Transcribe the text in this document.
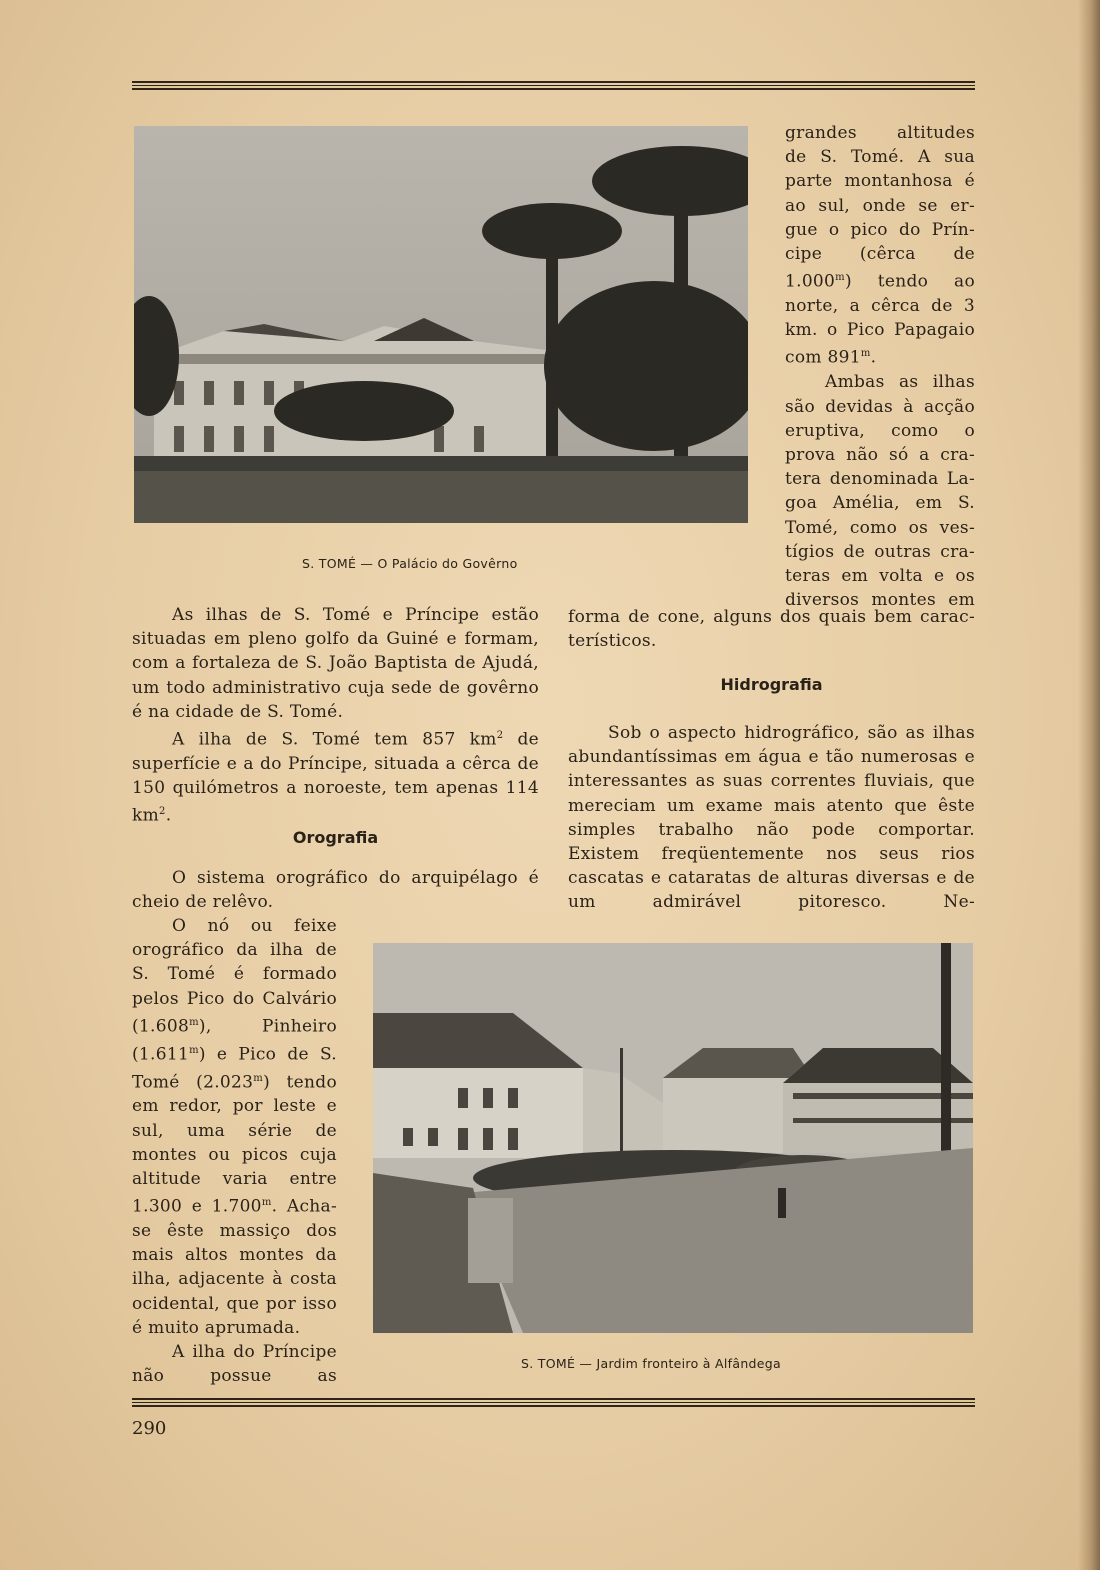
S. TOMÉ — O Palácio do Govêrno

grandes altitudes

de S. Tomé. A sua

parte montanhosa é

ao sul, onde se er-

gue o pico do Prín-

cipe (cêrca de

1.000$^m$) tendo ao

norte, a cêrca de 3

km. o Pico Papagaio

com 891$^m$.

Ambas as ilhas

são devidas à acção

eruptiva, como o

prova não só a cra-

tera denominada La-

goa Amélia, em S.

Tomé, como os ves-

tígios de outras cra-

teras em volta e os

diversos montes em

forma de cone, alguns dos quais bem carac-

terísticos.

As ilhas de S. Tomé e Príncipe estão situadas em pleno golfo da Guiné e formam, com a fortaleza de S. João Baptista de Ajudá, um todo administrativo cuja sede de govêrno é na cidade de S. Tomé.

A ilha de S. Tomé tem 857 $km^2$ de superfície e a do Príncipe, situada a cêrca de 150 quilómetros a noroeste, tem apenas 114 $km^2$.

Orografia

O sistema orográfico do arquipélago é cheio de relêvo.

O nó ou feixe orográfico da ilha de S. Tomé é formado pelos Pico do Calvário (1.608$^m$), Pinheiro (1.611$^m$) e Pico de S. Tomé (2.023$^m$) tendo em redor, por leste e sul, uma série de montes ou picos cuja altitude varia entre 1.300 e 1.700$^m$. Acha-se êste massiço dos mais altos montes da ilha, adjacente à costa ocidental, que por isso é muito aprumada.

A ilha do Príncipe não possue as

Hidrografia

Sob o aspecto hidrográfico, são as ilhas abundantíssimas em água e tão numerosas e interessantes as suas correntes fluviais, que mereciam um exame mais atento que êste simples trabalho não pode comportar. Existem freqüentemente nos seus rios cascatas e cataratas de alturas diversas e de um admirável pitoresco. Ne-

S. TOMÉ — Jardim fronteiro à Alfândega
290
